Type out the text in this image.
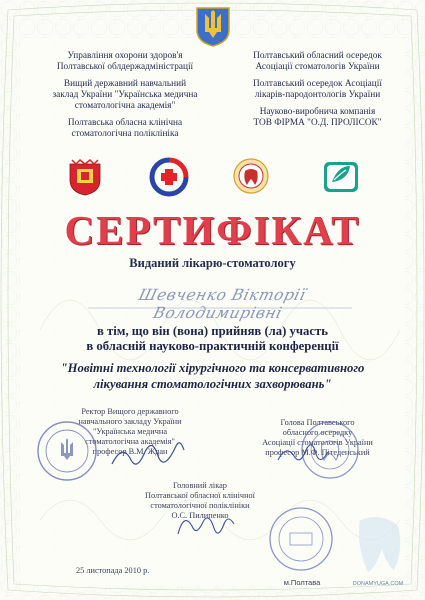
Управління охорони здоров'я
Полтавської облдержадміністрації

Вищий державний навчальний
заклад України "Українська медична
стоматологічна академія"

Полтавська обласна клінічна
стоматологічна поліклініка

Полтавський обласний осередок
Асоціації стоматологів України

Полтавський осередок Асоціації
лікарів-пародонтологів України

Науково-виробнича компанія
ТОВ ФІРМА "О.Д. ПРОЛІСОК"

СЕРТИФІКАТ
Виданий лікарю-стоматологу
Шевченко Вікторії Володимирівні
в тім, що він (вона) прийняв (ла) участь
в обласній науково-практичній конференції
"Новітні технології хірургічного та консервативного
лікування стоматологічних захворювань"
Ректор Вищого державного
навчального закладу України
"Українська медична
стоматологічна академія"
професор В.М. Ждан
Голова Полтавського
обласного осередку
Асоціації стоматологів України
професор М.Ф. Пітеденський
Головний лікар
Полтавської обласної клінічної
стоматологічної поліклініки
О.С. Пилипенко
25 листопада 2010 р.
м.Полтава	DONAMYUGA.COM
